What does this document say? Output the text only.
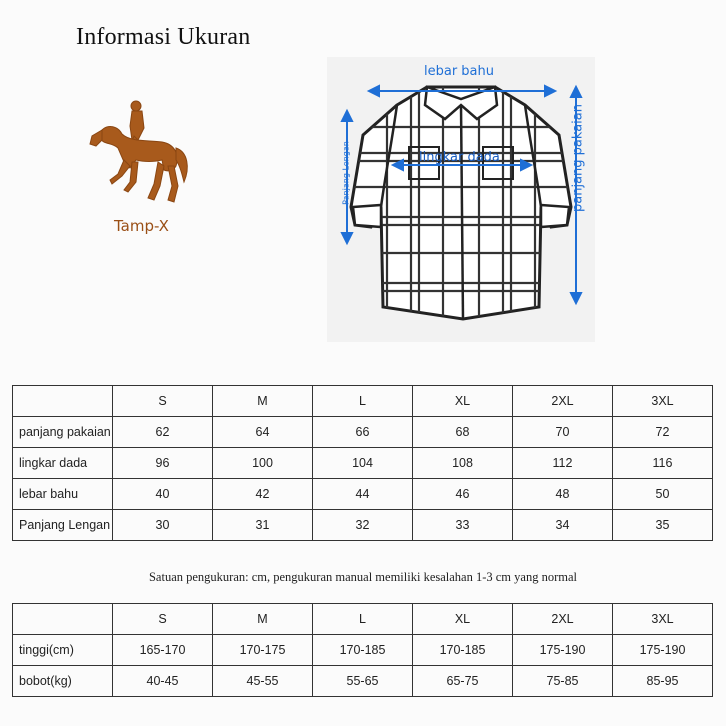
Informasi Ukuran
Tamp-X
lebar bahu
lingkar dada	panjang pakaian
Panjang Lengan
	S	M	L	XL	2XL	3XL
panjang pakaian	62	64	66	68	70	72
lingkar dada	96	100	104	108	112	116
lebar bahu	40	42	44	46	48	50
Panjang Lengan	30	31	32	33	34	35
Satuan pengukuran: cm, pengukuran manual memiliki kesalahan 1-3 cm yang normal
	S	M	L	XL	2XL	3XL
tinggi(cm)	165-170	170-175	170-185	170-185	175-190	175-190
bobot(kg)	40-45	45-55	55-65	65-75	75-85	85-95
